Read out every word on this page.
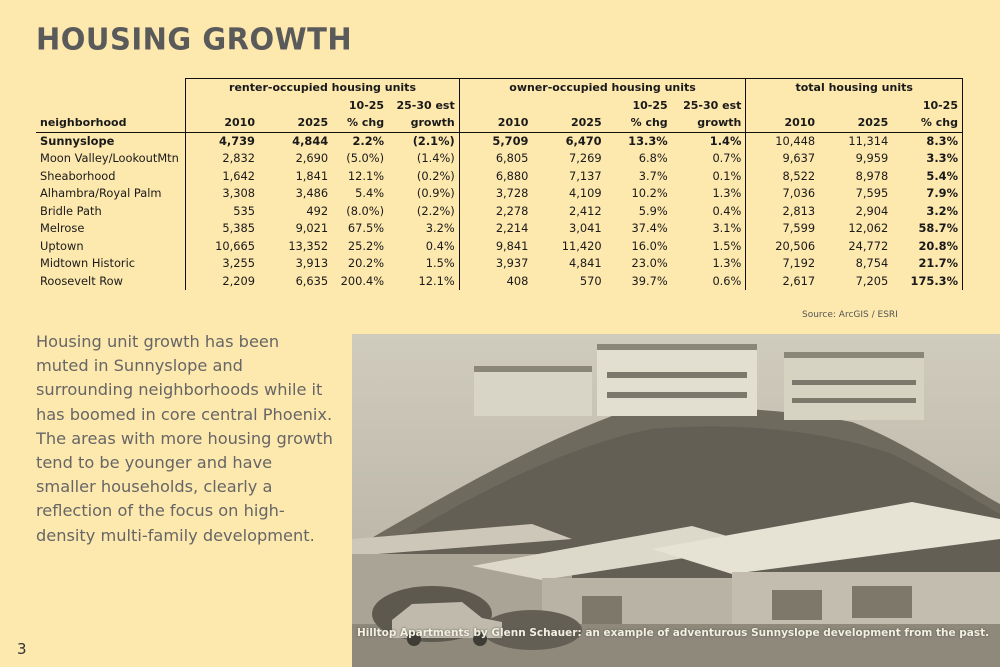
HOUSING GROWTH
	renter-occupied housing units				owner-occupied housing units				total housing units		
			10-25	25-30 est			10-25	25-30 est			10-25
neighborhood	2010	2025	% chg	growth	2010	2025	% chg	growth	2010	2025	% chg
Sunnyslope	4,739	4,844	2.2%	(2.1%)	5,709	6,470	13.3%	1.4%	10,448	11,314	8.3%
Moon Valley/LookoutMtn	2,832	2,690	(5.0%)	(1.4%)	6,805	7,269	6.8%	0.7%	9,637	9,959	3.3%
Sheaborhood	1,642	1,841	12.1%	(0.2%)	6,880	7,137	3.7%	0.1%	8,522	8,978	5.4%
Alhambra/Royal Palm	3,308	3,486	5.4%	(0.9%)	3,728	4,109	10.2%	1.3%	7,036	7,595	7.9%
Bridle Path	535	492	(8.0%)	(2.2%)	2,278	2,412	5.9%	0.4%	2,813	2,904	3.2%
Melrose	5,385	9,021	67.5%	3.2%	2,214	3,041	37.4%	3.1%	7,599	12,062	58.7%
Uptown	10,665	13,352	25.2%	0.4%	9,841	11,420	16.0%	1.5%	20,506	24,772	20.8%
Midtown Historic	3,255	3,913	20.2%	1.5%	3,937	4,841	23.0%	1.3%	7,192	8,754	21.7%
Roosevelt Row	2,209	6,635	200.4%	12.1%	408	570	39.7%	0.6%	2,617	7,205	175.3%
Source: ArcGIS / ESRI
Housing unit growth has been muted in Sunnyslope and surrounding neighborhoods while it has boomed in core central Phoenix. The areas with more housing growth tend to be younger and have smaller households, clearly a reflection of the focus on high-density multi-family development.
Hilltop Apartments by Glenn Schauer: an example of adventurous Sunnyslope development from the past.
3
